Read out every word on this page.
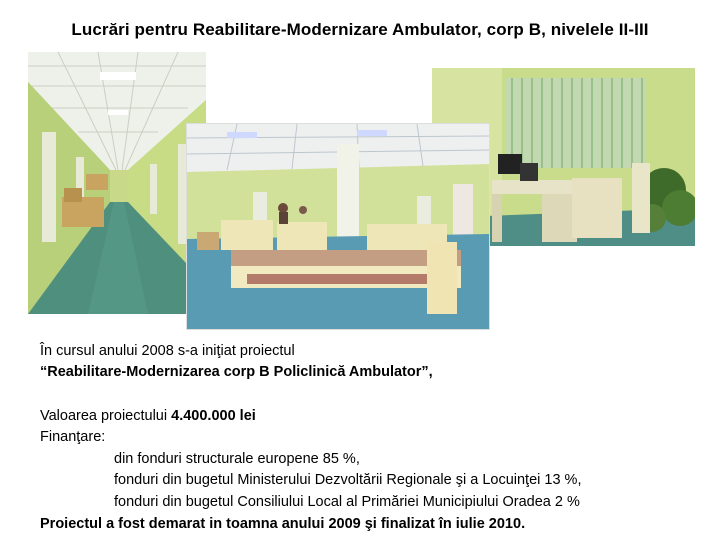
Lucrări pentru Reabilitare-Modernizare Ambulator, corp B, nivelele II-III
În cursul anului 2008 s-a iniţiat proiectul
“Reabilitare-Modernizarea corp B Policlinică Ambulator”,
Valoarea proiectului 4.400.000 lei
Finanţare:
din fonduri structurale europene 85 %,
fonduri din bugetul Ministerului Dezvoltării Regionale şi a Locuinţei 13 %,
fonduri din bugetul Consiliului Local al Primăriei Municipiului Oradea 2 %
Proiectul a fost demarat in toamna anului 2009 şi finalizat în iulie 2010.
